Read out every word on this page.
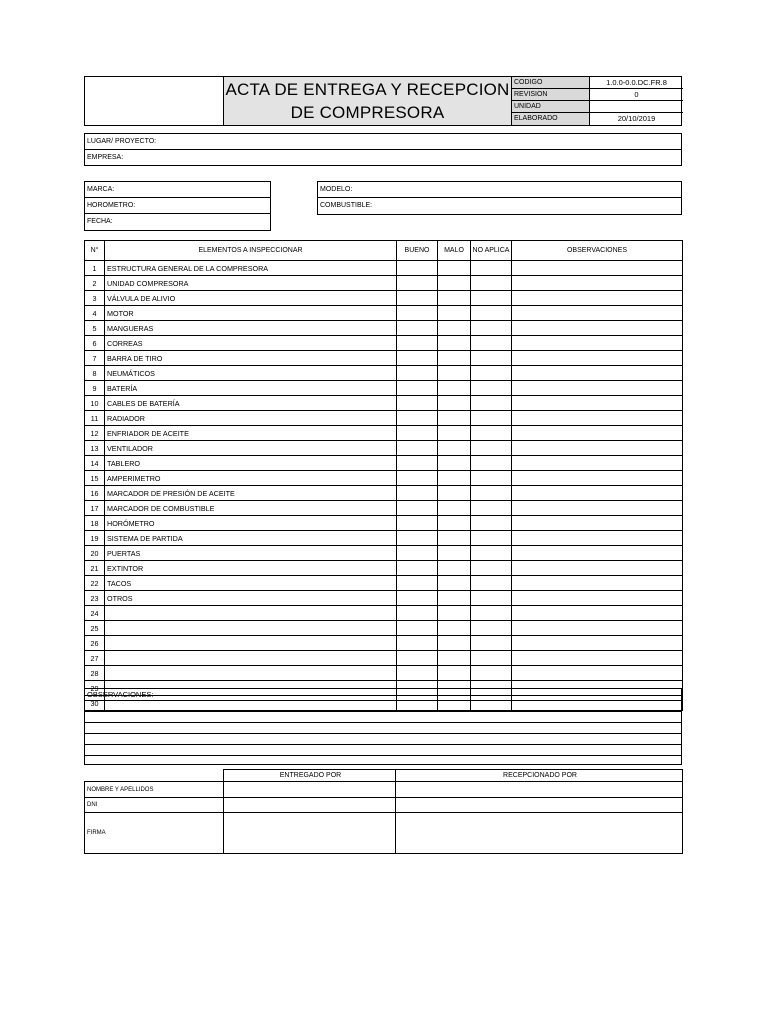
ACTA DE ENTREGA Y RECEPCION
DE COMPRESORA
CODIGO	1.0.0-0.0.DC.FR.8
REVISION	0
UNIDAD
ELABORADO	20/10/2019
LUGAR/ PROYECTO:
EMPRESA:
MARCA:
HOROMETRO:
FECHA:
MODELO:
COMBUSTIBLE:
N°	ELEMENTOS A INSPECCIONAR	BUENO	MALO	NO APLICA	OBSERVACIONES
1	ESTRUCTURA GENERAL DE LA COMPRESORA				
2	UNIDAD COMPRESORA				
3	VÁLVULA DE ALIVIO				
4	MOTOR				
5	MANGUERAS				
6	CORREAS				
7	BARRA DE TIRO				
8	NEUMÁTICOS				
9	BATERÍA				
10	CABLES DE BATERÍA				
11	RADIADOR				
12	ENFRIADOR DE ACEITE				
13	VENTILADOR				
14	TABLERO				
15	AMPERIMETRO				
16	MARCADOR DE PRESIÓN DE ACEITE				
17	MARCADOR DE COMBUSTIBLE				
18	HORÓMETRO				
19	SISTEMA DE PARTIDA				
20	PUERTAS				
21	EXTINTOR				
22	TACOS				
23	OTROS				
24					
25					
26					
27					
28					
29					
30					
OBSERVACIONES:
	ENTREGADO POR	RECEPCIONADO POR
NOMBRE Y APELLIDOS		
DNI		
FIRMA		
